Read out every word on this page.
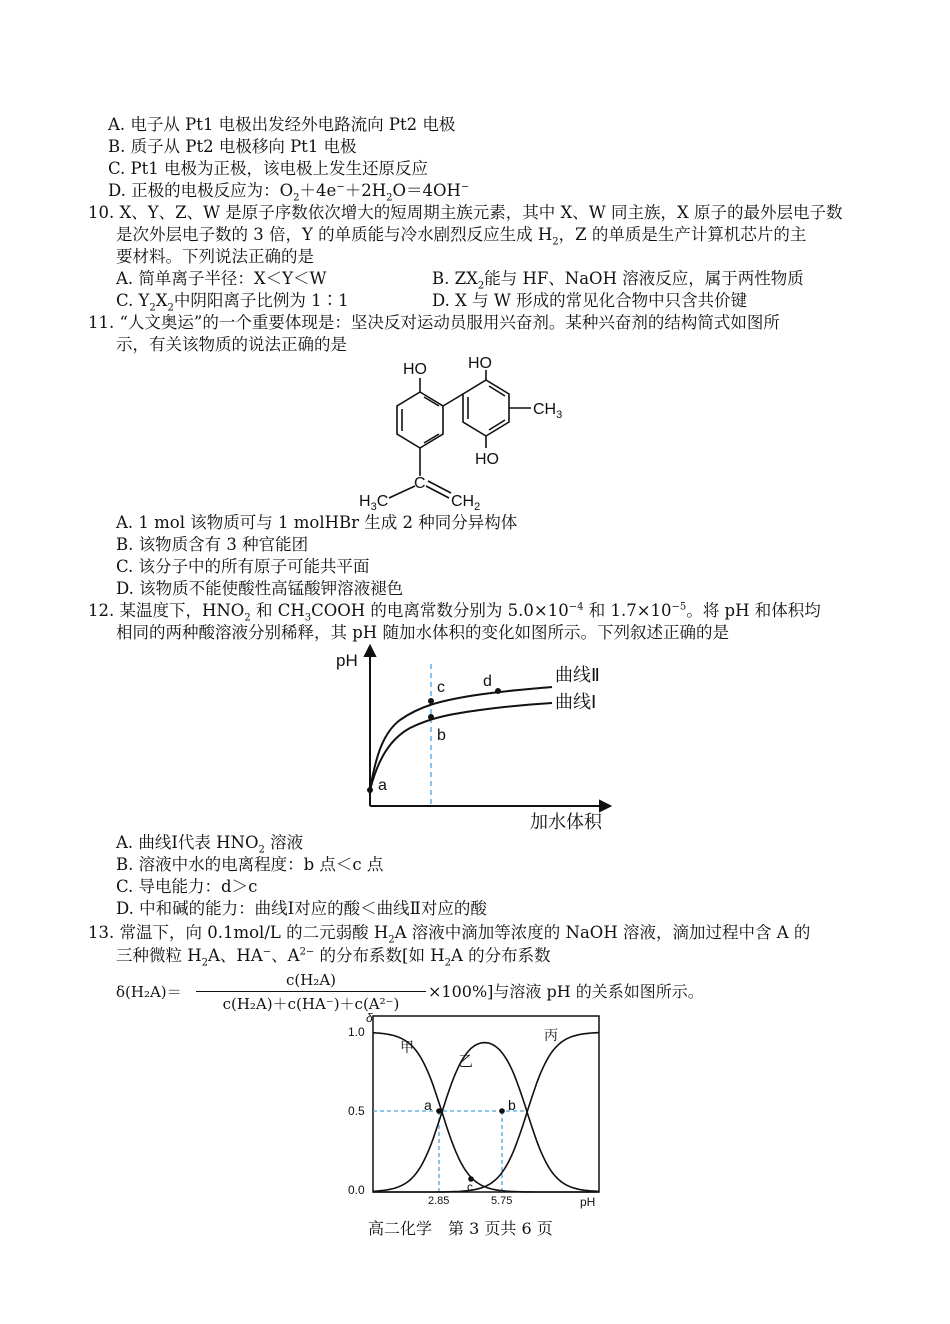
A. 电子从 Pt1 电极出发经外电路流向 Pt2 电极
B. 质子从 Pt2 电极移向 Pt1 电极
C. Pt1 电极为正极，该电极上发生还原反应
D. 正极的电极反应为：$O_2+4e^-+2H_2O=4OH^-$
10. X、Y、Z、W 是原子序数依次增大的短周期主族元素，其中 X、W 同主族，X 原子的最外层电子数
是次外层电子数的 3 倍，Y 的单质能与冷水剧烈反应生成 $H_2$，Z 的单质是生产计算机芯片的主
要材料。下列说法正确的是
A. 简单离子半径：X＜Y＜W	B. $ZX_2$能与 HF、NaOH 溶液反应，属于两性物质
C. $Y_2X_2$中阴阳离子比例为 1∶1	D. X 与 W 形成的常见化合物中只含共价键
11. “人文奥运”的一个重要体现是：坚决反对运动员服用兴奋剂。某种兴奋剂的结构简式如图所
示，有关该物质的说法正确的是
HO	HO
HO
$CH_3$
C
$H_3C$	$CH_2$
A. 1 mol 该物质可与 1 molHBr 生成 2 种同分异构体
B. 该物质含有 3 种官能团
C. 该分子中的所有原子可能共平面
D. 该物质不能使酸性高锰酸钾溶液褪色
12. 某温度下，$HNO_2$ 和 $CH_3COOH$ 的电离常数分别为 $5.0\times 10^{-4}$ 和 $1.7\times 10^{-5}$。将 pH 和体积均
相同的两种酸溶液分别稀释，其 pH 随加水体积的变化如图所示。下列叙述正确的是
a
b
c d	曲线Ⅱ
曲线Ⅰ
pH
加水体积
A. 曲线Ⅰ代表 $HNO_2$ 溶液
B. 溶液中水的电离程度：b 点＜c 点
C. 导电能力：d＞c
D. 中和碱的能力：曲线Ⅰ对应的酸＜曲线Ⅱ对应的酸
13. 常温下，向 0.1mol/L 的二元弱酸 $H_2A$ 溶液中滴加等浓度的 NaOH 溶液，滴加过程中含 A 的
三种微粒 $H_2A$、HA−、$A^{2-}$ 的分布系数[如 $H_2A$ 的分布系数
δ(H₂A)＝
c(H₂A)
c(H₂A)＋c(HA⁻)＋c(A²⁻)
×100%]与溶液 pH 的关系如图所示。
a	b
c
甲
乙
丙
1.0
0.5
0.0
2.85	5.75	pH
δ
高二化学　第 3 页共 6 页
